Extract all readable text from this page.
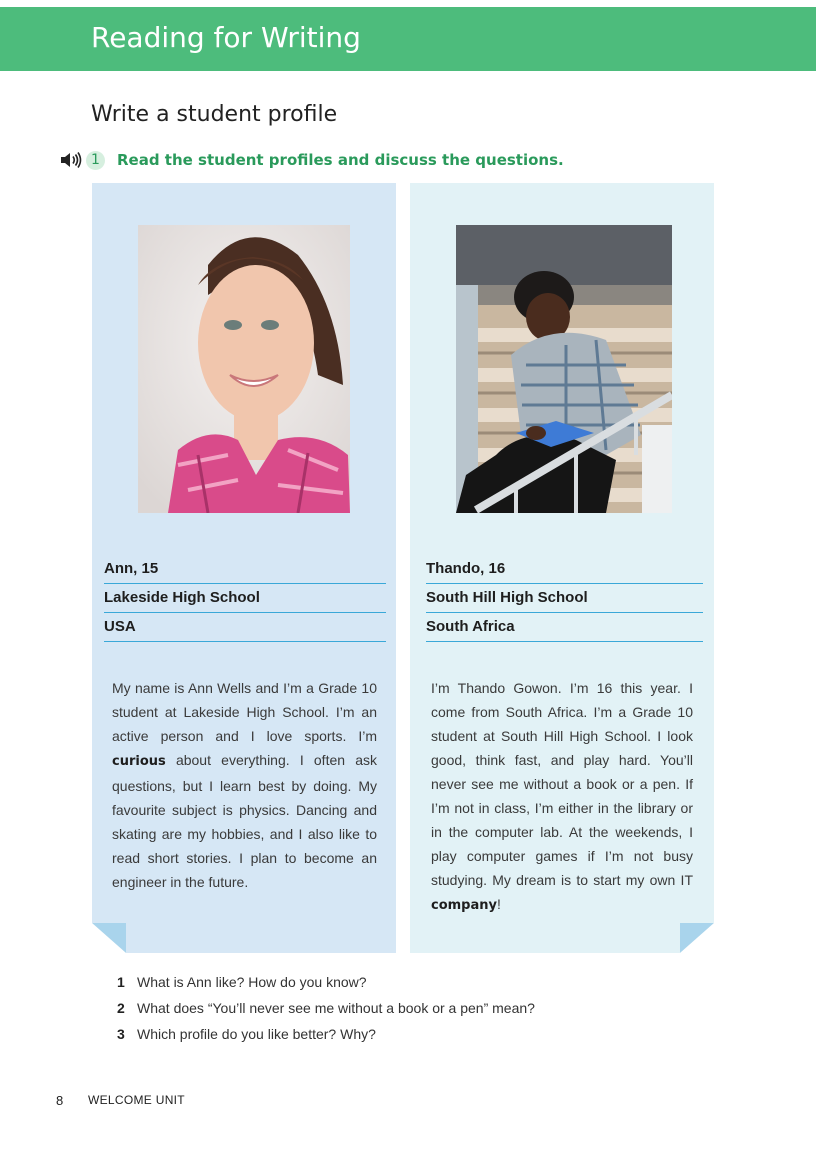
Reading for Writing
Write a student profile
1	Read the student profiles and discuss the questions.
Ann, 15
Lakeside High School
USA
My name is Ann Wells and I’m a Grade 10 student at Lakeside High School. I’m an active person and I love sports. I’m curious about everything. I often ask questions, but I learn best by doing. My favourite subject is physics. Dancing and skating are my hobbies, and I also like to read short stories. I plan to become an engineer in the future.
Thando, 16
South Hill High School
South Africa
I’m Thando Gowon. I’m 16 this year. I come from South Africa. I’m a Grade 10 student at South Hill High School. I look good, think fast, and play hard. You’ll never see me without a book or a pen. If I’m not in class, I’m either in the library or in the computer lab. At the weekends, I play computer games if I’m not busy studying. My dream is to start my own IT company!
1 What is Ann like? How do you know?
2 What does “You’ll never see me without a book or a pen” mean?
3 Which profile do you like better? Why?
8	WELCOME UNIT
